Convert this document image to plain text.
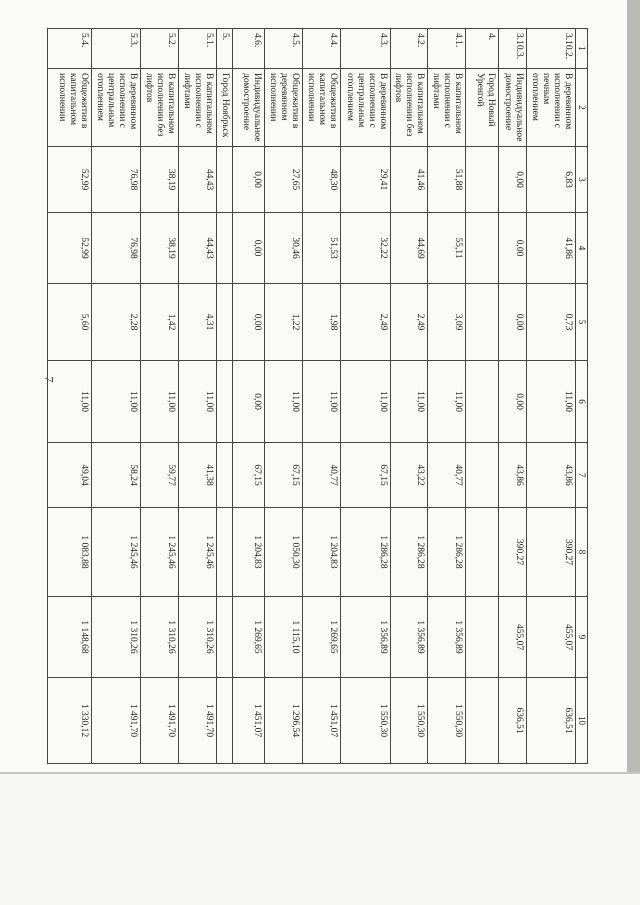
7
1	2	3	4	5	6	7	8	9	10
3.10.2.	В деревянном исполнении с печным отоплением	6,83	41,86	0,73	11,00	43,86	390,27	455,07	636,51
3.10.3.	Индивидуальное домостроение	0,00	0,00	0,00	0,00	43,86	390,27	455,07	636,51
4.	Город Новый Уренгой								
4.1.	В капитальном исполнении с лифтами	51,88	55,11	3,09	11,00	40,77	1 286,28	1 356,89	1 550,30
4.2.	В капитальном исполнении без лифтов	41,46	44,69	2,49	11,00	43,22	1 286,28	1 356,89	1 550,30
4.3.	В деревянном исполнении с центральным отоплением	29,41	32,22	2,49	11,00	67,15	1 286,28	1 356,89	1 550,30
4.4.	Общежития в капитальном исполнении	48,30	51,53	1,98	11,00	40,77	1 204,83	1 269,65	1 451,07
4.5.	Общежития в деревянном исполнении	27,65	30,46	1,22	11,00	67,15	1 050,30	1 115,10	1 296,54
4.6.	Индивидуальное домостроение	0,00	0,00	0,00	0,00	67,15	1 204,83	1 269,65	1 451,07
5.	Город Ноябрьск								
5.1.	В капитальном исполнении с лифтами	44,43	44,43	4,31	11,00	41,38	1 245,46	1 310,26	1 491,70
5.2.	В капитальном исполнении без лифтов	38,19	38,19	1,42	11,00	59,77	1 245,46	1 310,26	1 491,70
5.3.	В деревянном исполнении с центральным отоплением	76,98	76,98	2,28	11,00	58,24	1 245,46	1 310,26	1 491,70
5.4.	Общежития в капитальном исполнении	52,99	52,99	5,60	11,00	49,04	1 083,88	1 148,68	1 330,12
